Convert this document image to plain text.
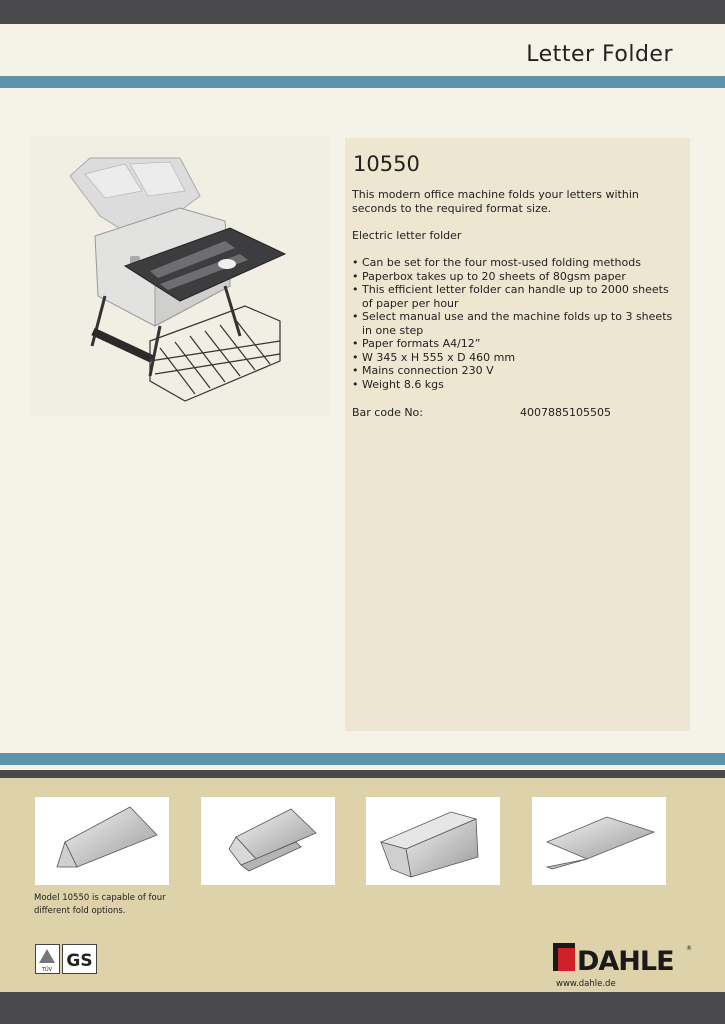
Letter Folder
10550
This modern office machine folds your letters within seconds to the required format size.
Electric letter folder
• Can be set for the four most-used folding methods
• Paperbox takes up to 20 sheets of 80gsm paper
• This efficient letter folder can handle up to 2000 sheets of paper per hour
• Select manual use and the machine folds up to 3 sheets in one step
• Paper formats A4/12”
• W 345 x H 555 x D 460 mm
• Mains connection 230 V
• Weight 8.6 kgs
Bar code No:	4007885105505
Model 10550 is capable of four different fold options.
TÜV GS	DAHLE ®
www.dahle.de
